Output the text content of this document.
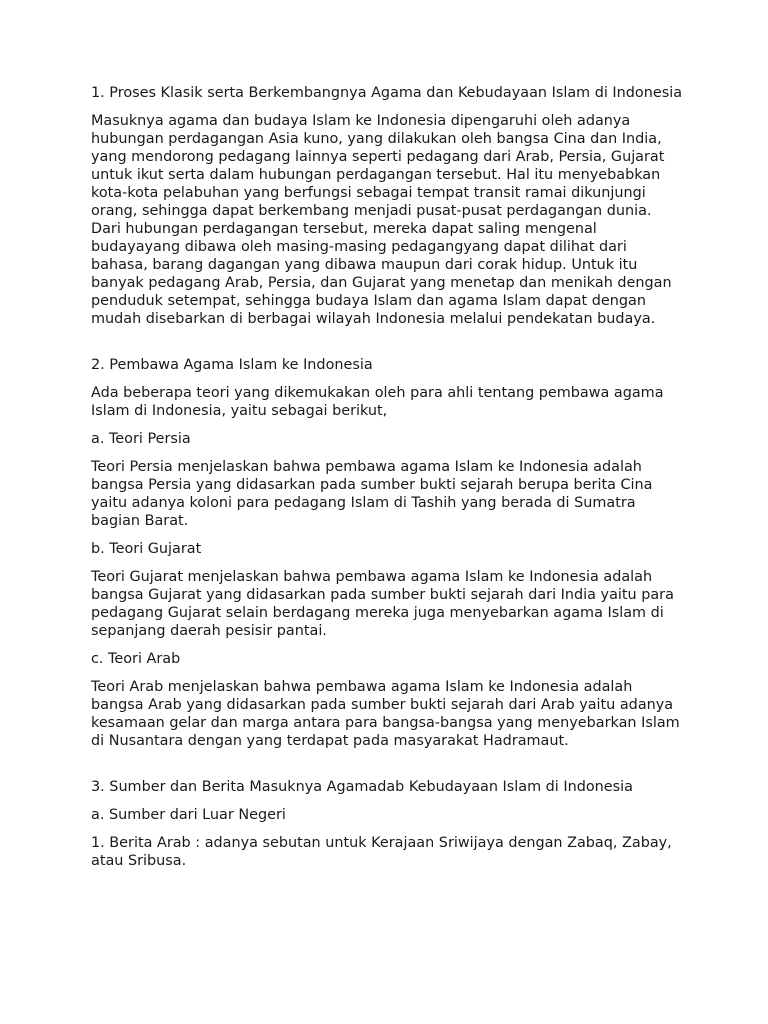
1. Proses Klasik serta Berkembangnya Agama dan Kebudayaan Islam di Indonesia
Masuknya agama dan budaya Islam ke Indonesia dipengaruhi oleh adanya
hubungan perdagangan Asia kuno, yang dilakukan oleh bangsa Cina dan India,
yang mendorong pedagang lainnya seperti pedagang dari Arab, Persia, Gujarat
untuk ikut serta dalam hubungan perdagangan tersebut. Hal itu menyebabkan
kota-kota pelabuhan yang berfungsi sebagai tempat transit ramai dikunjungi
orang, sehingga dapat berkembang menjadi pusat-pusat perdagangan dunia.
Dari hubungan perdagangan tersebut, mereka dapat saling mengenal
budayayang dibawa oleh masing-masing pedagangyang dapat dilihat dari
bahasa, barang dagangan yang dibawa maupun dari corak hidup. Untuk itu
banyak pedagang Arab, Persia, dan Gujarat yang menetap dan menikah dengan
penduduk setempat, sehingga budaya Islam dan agama Islam dapat dengan
mudah disebarkan di berbagai wilayah Indonesia melalui pendekatan budaya.
2. Pembawa Agama Islam ke Indonesia
Ada beberapa teori yang dikemukakan oleh para ahli tentang pembawa agama
Islam di Indonesia, yaitu sebagai berikut,
a. Teori Persia
Teori Persia menjelaskan bahwa pembawa agama Islam ke Indonesia adalah
bangsa Persia yang didasarkan pada sumber bukti sejarah berupa berita Cina
yaitu adanya koloni para pedagang Islam di Tashih yang berada di Sumatra
bagian Barat.
b. Teori Gujarat
Teori Gujarat menjelaskan bahwa pembawa agama Islam ke Indonesia adalah
bangsa Gujarat yang didasarkan pada sumber bukti sejarah dari India yaitu para
pedagang Gujarat selain berdagang mereka juga menyebarkan agama Islam di
sepanjang daerah pesisir pantai.
c. Teori Arab
Teori Arab menjelaskan bahwa pembawa agama Islam ke Indonesia adalah
bangsa Arab yang didasarkan pada sumber bukti sejarah dari Arab yaitu adanya
kesamaan gelar dan marga antara para bangsa-bangsa yang menyebarkan Islam
di Nusantara dengan yang terdapat pada masyarakat Hadramaut.
3. Sumber dan Berita Masuknya Agamadab Kebudayaan Islam di Indonesia
a. Sumber dari Luar Negeri
1. Berita Arab : adanya sebutan untuk Kerajaan Sriwijaya dengan Zabaq, Zabay,
atau Sribusa.
